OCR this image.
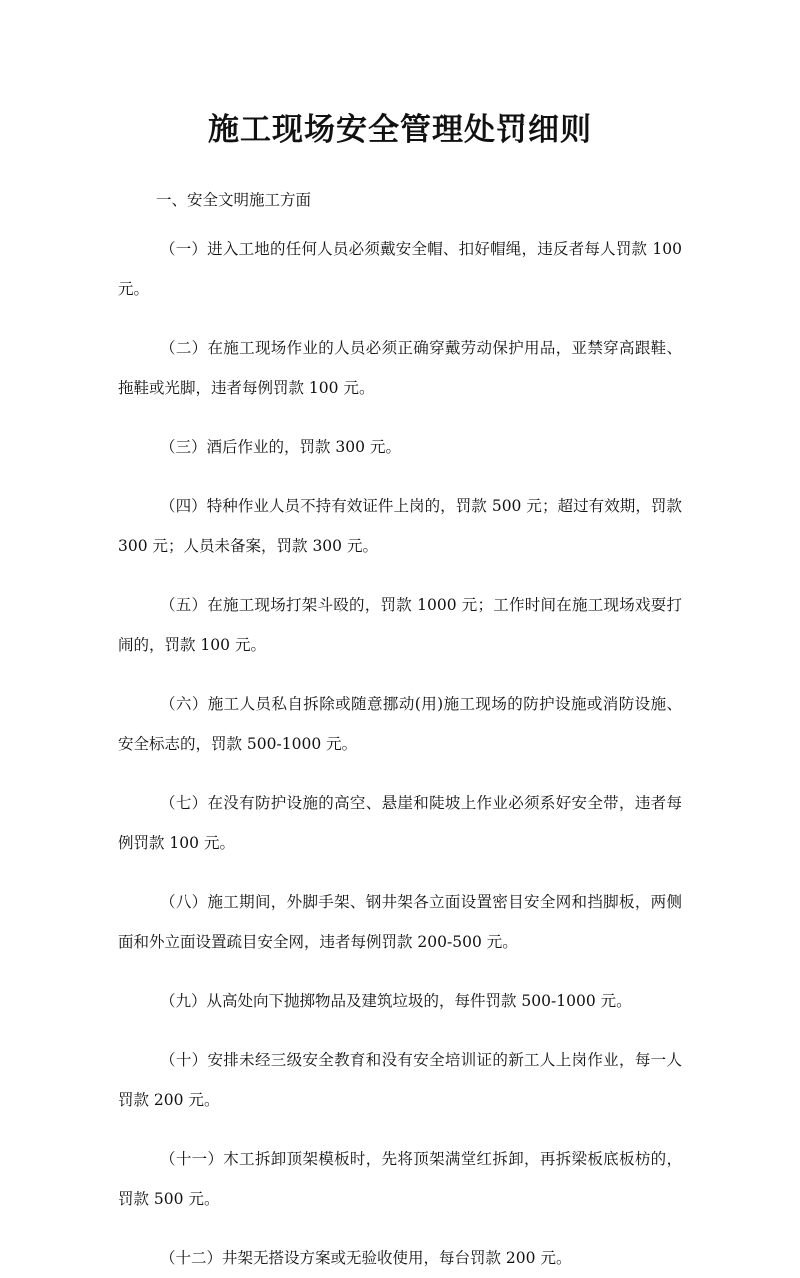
施工现场安全管理处罚细则

一、安全文明施工方面

（一）进入工地的任何人员必须戴安全帽、扣好帽绳，违反者每人罚款 100 元。

（二）在施工现场作业的人员必须正确穿戴劳动保护用品，亚禁穿高跟鞋、拖鞋或光脚，违者每例罚款 100 元。

（三）酒后作业的，罚款 300 元。

（四）特种作业人员不持有效证件上岗的，罚款 500 元；超过有效期，罚款 300 元；人员未备案，罚款 300 元。

（五）在施工现场打架斗殴的，罚款 1000 元；工作时间在施工现场戏耍打闹的，罚款 100 元。

（六）施工人员私自拆除或随意挪动(用)施工现场的防护设施或消防设施、安全标志的，罚款 500-1000 元。

（七）在没有防护设施的高空、悬崖和陡坡上作业必须系好安全带，违者每例罚款 100 元。

（八）施工期间，外脚手架、钢井架各立面设置密目安全网和挡脚板，两侧面和外立面设置疏目安全网，违者每例罚款 200-500 元。

（九）从高处向下抛掷物品及建筑垃圾的，每件罚款 500-1000 元。

（十）安排未经三级安全教育和没有安全培训证的新工人上岗作业，每一人罚款 200 元。

（十一）木工拆卸顶架模板时，先将顶架满堂红拆卸，再拆梁板底板枋的，罚款 500 元。

（十二）井架无搭设方案或无验收使用，每台罚款 200 元。
